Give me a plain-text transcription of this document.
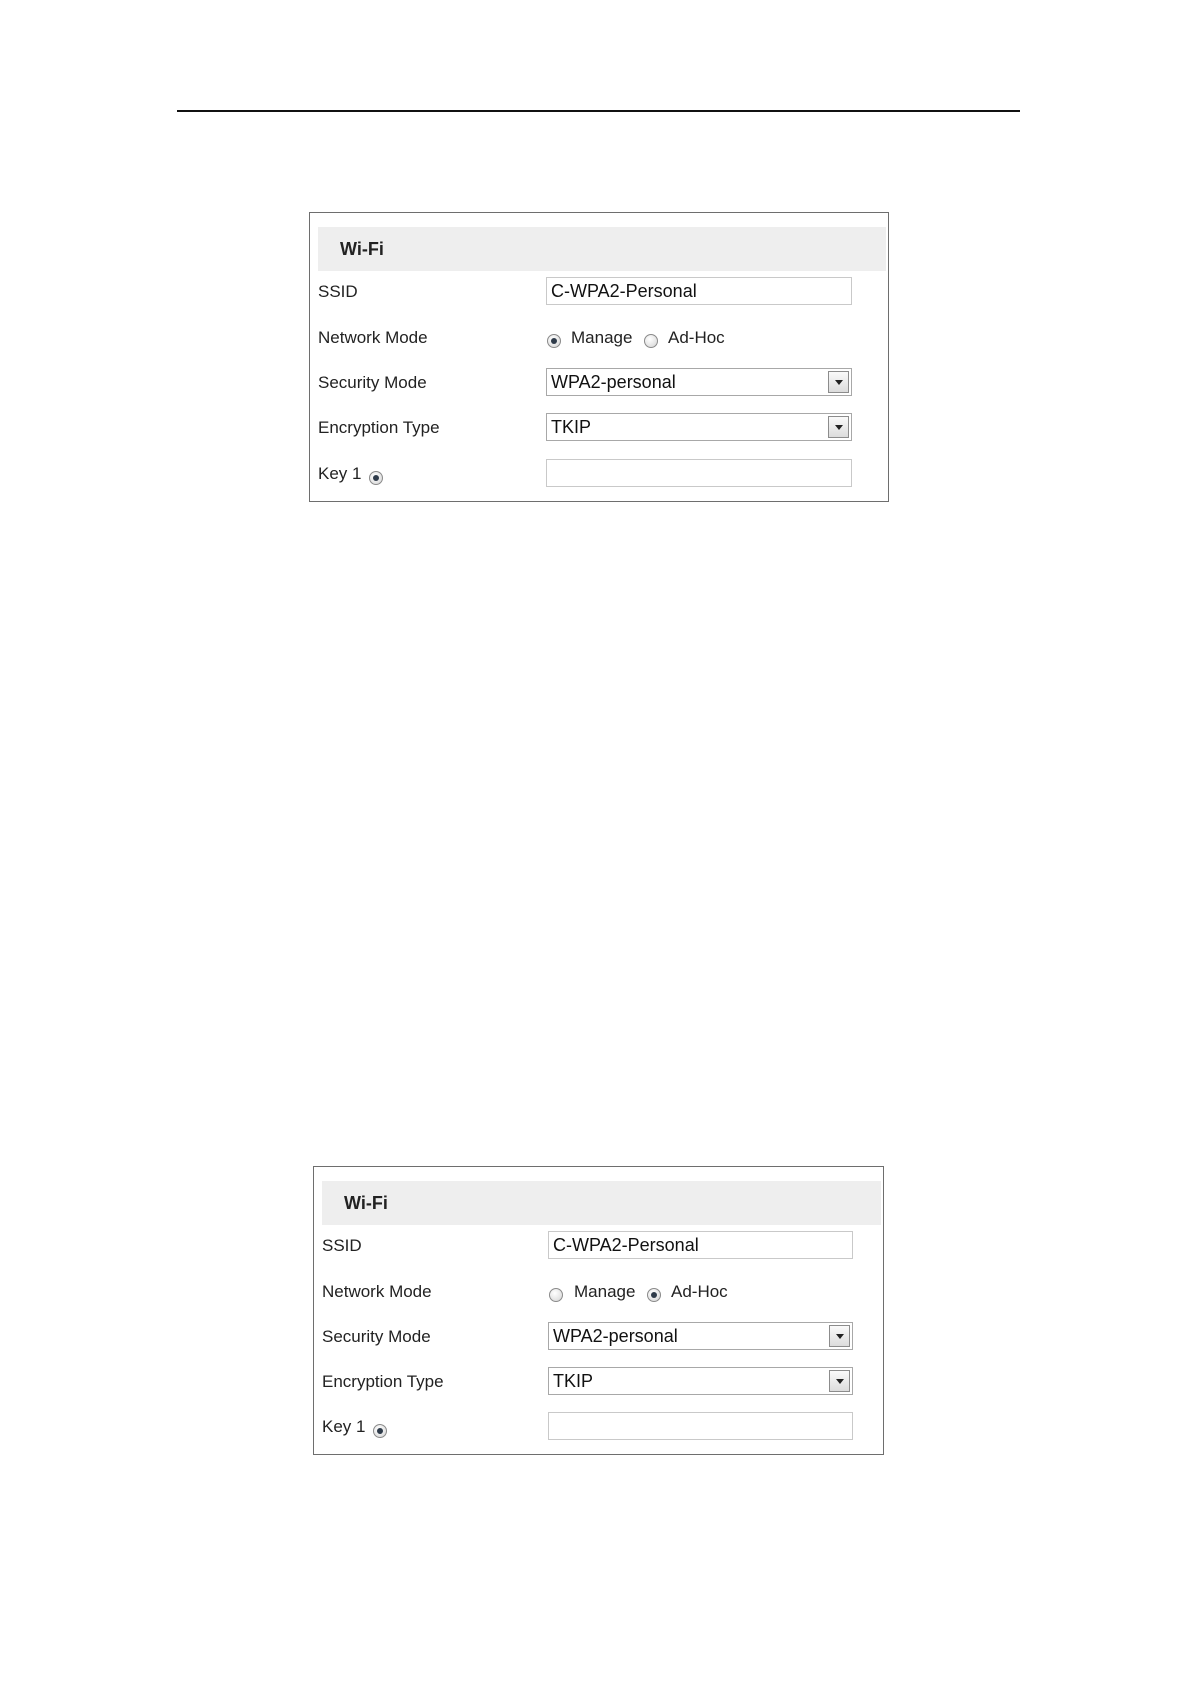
Wi-Fi
SSID	C-WPA2-Personal
Network Mode	Manage Ad-Hoc
Security Mode	WPA2-personal
Encryption Type	TKIP
Key 1
Wi-Fi
SSID	C-WPA2-Personal
Network Mode	Manage Ad-Hoc
Security Mode	WPA2-personal
Encryption Type	TKIP
Key 1
